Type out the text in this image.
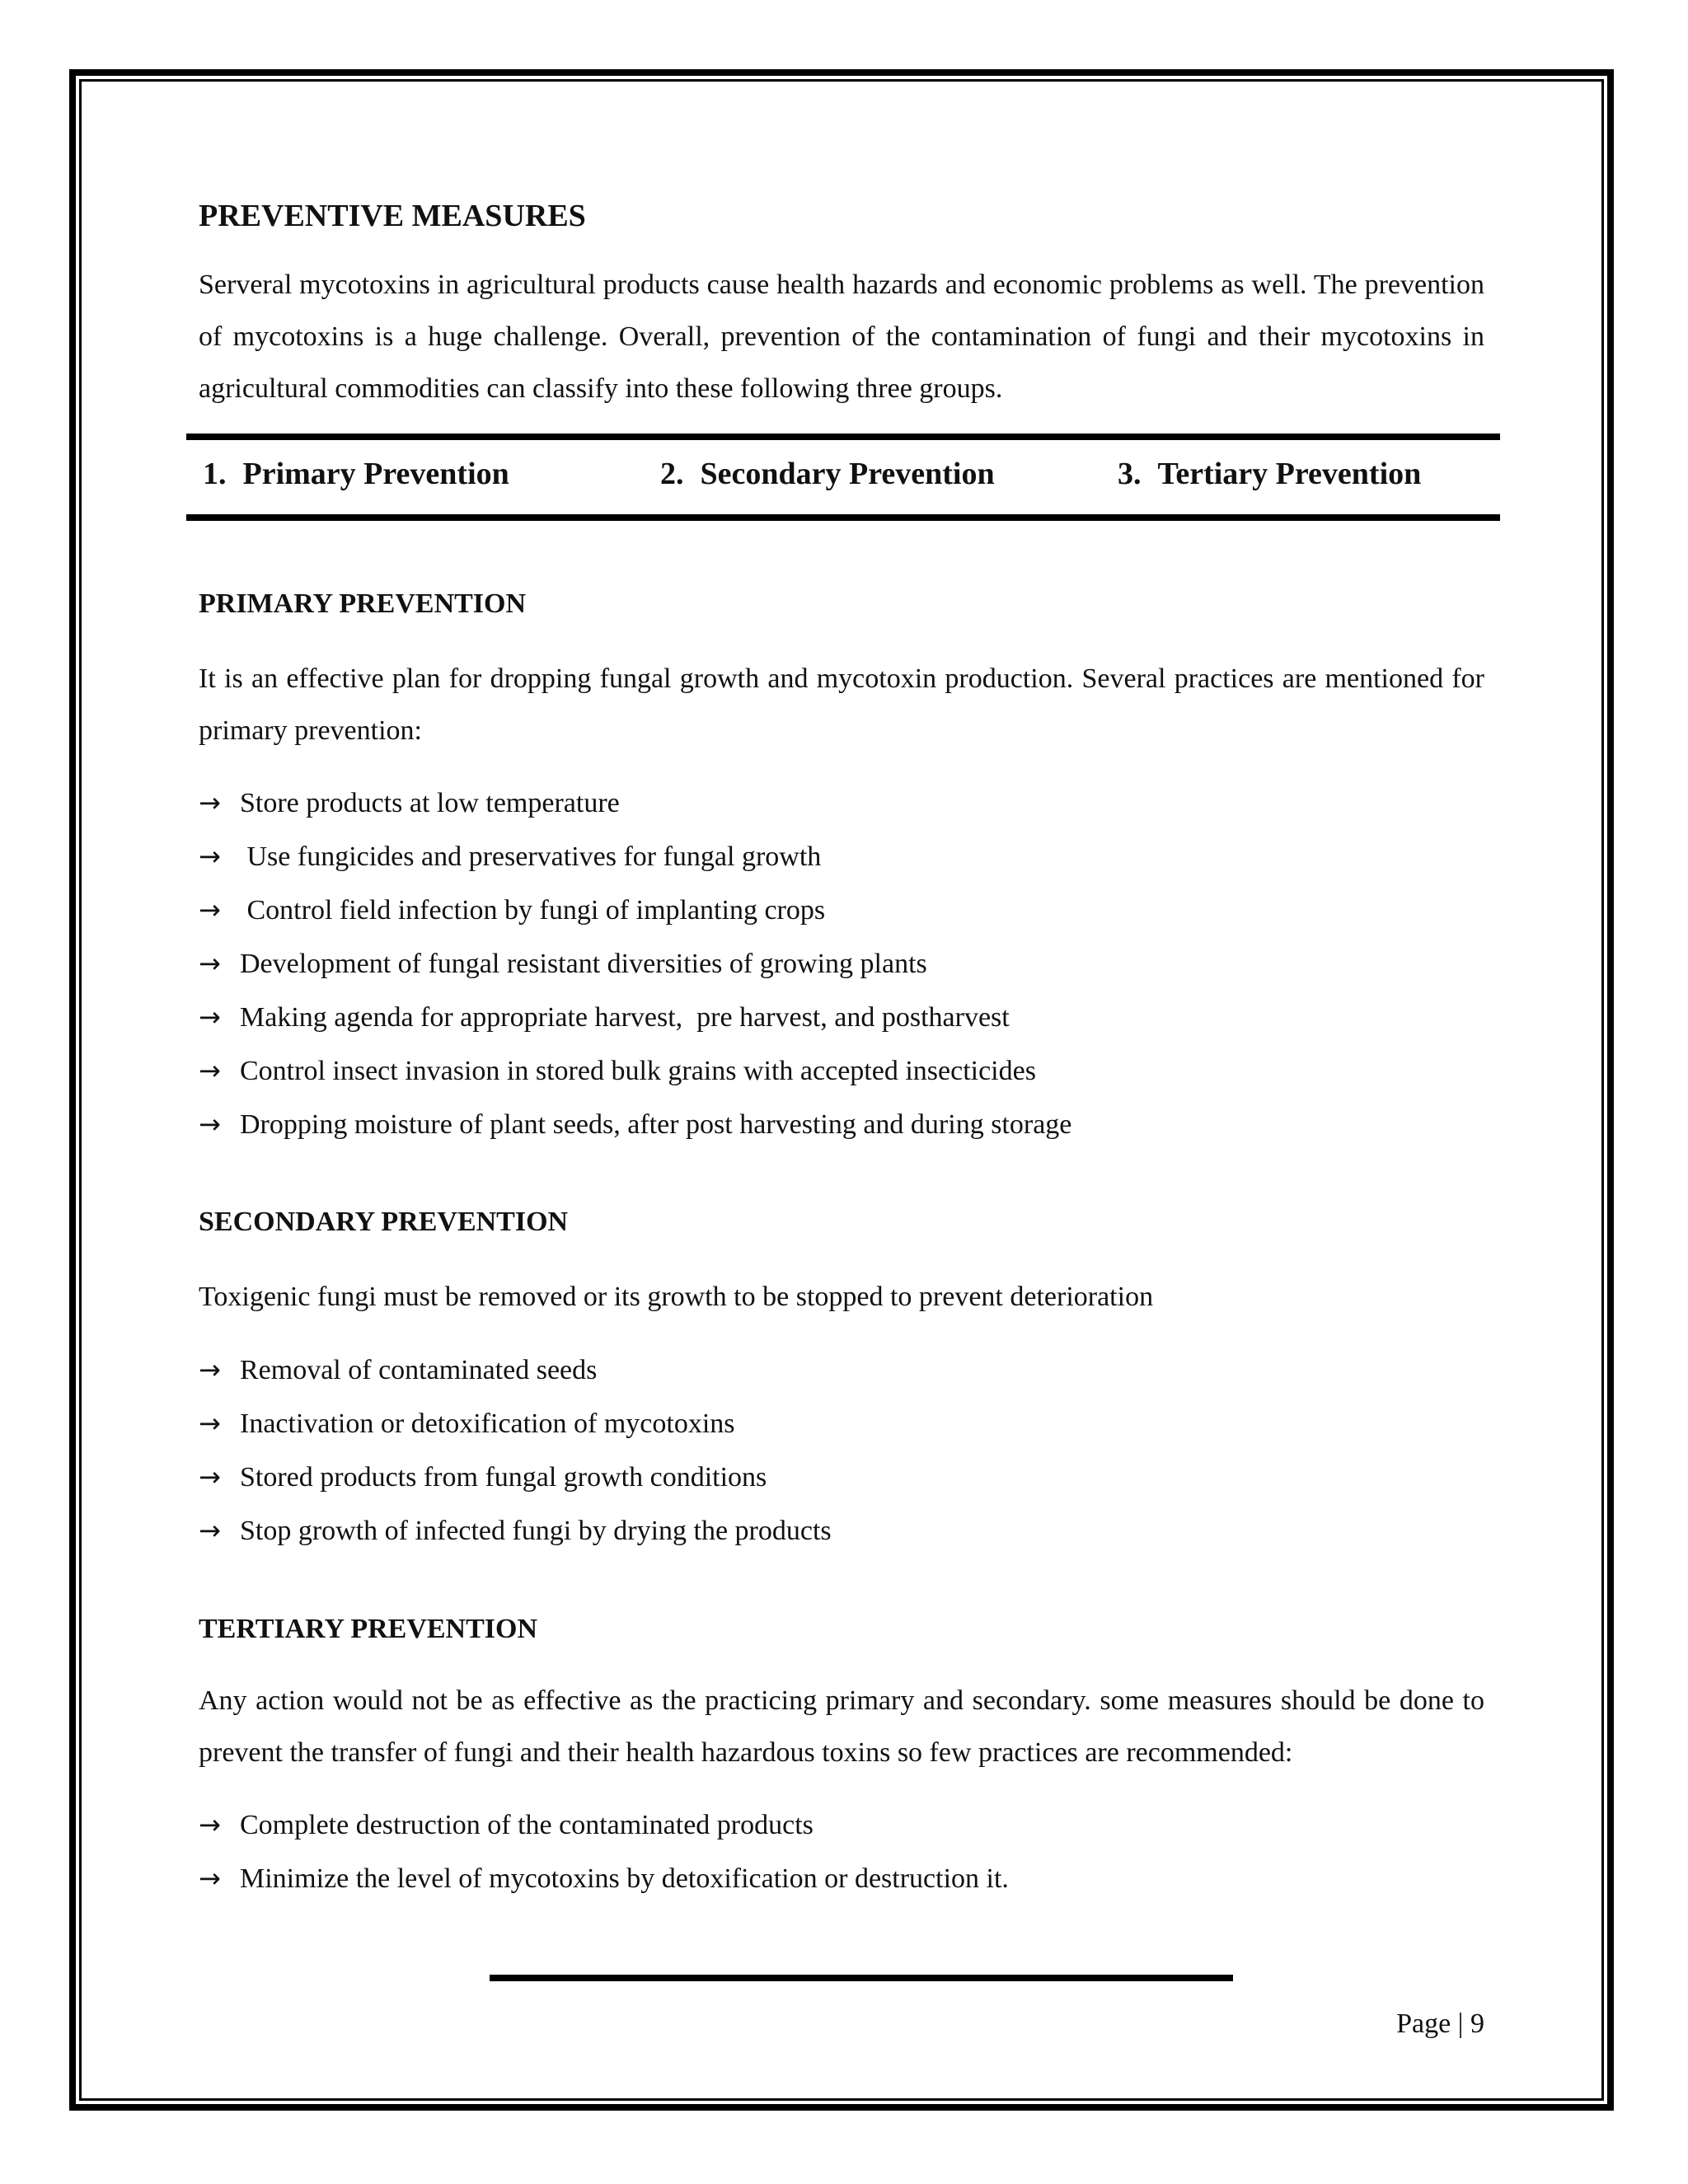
PREVENTIVE MEASURES

Serveral mycotoxins in agricultural products cause health hazards and economic problems as well. The prevention of mycotoxins is a huge challenge. Overall, prevention of the contamination of fungi and their mycotoxins in agricultural commodities can classify into these following three groups.

1. Primary Prevention	2. Secondary Prevention	3. Tertiary Prevention
PRIMARY PREVENTION

It is an effective plan for dropping fungal growth and mycotoxin production. Several practices are mentioned for primary prevention:

→ Store products at low temperature
→ Use fungicides and preservatives for fungal growth
→ Control field infection by fungi of implanting crops
→ Development of fungal resistant diversities of growing plants
→ Making agenda for appropriate harvest,  pre harvest, and postharvest
→ Control insect invasion in stored bulk grains with accepted insecticides
→ Dropping moisture of plant seeds, after post harvesting and during storage
SECONDARY PREVENTION

Toxigenic fungi must be removed or its growth to be stopped to prevent deterioration

→ Removal of contaminated seeds
→ Inactivation or detoxification of mycotoxins
→ Stored products from fungal growth conditions
→ Stop growth of infected fungi by drying the products
TERTIARY PREVENTION

Any action would not be as effective as the practicing primary and secondary. some measures should be done to prevent the transfer of fungi and their health hazardous toxins so few practices are recommended:

→ Complete destruction of the contaminated products
→ Minimize the level of mycotoxins by detoxification or destruction it.
Page | 9
